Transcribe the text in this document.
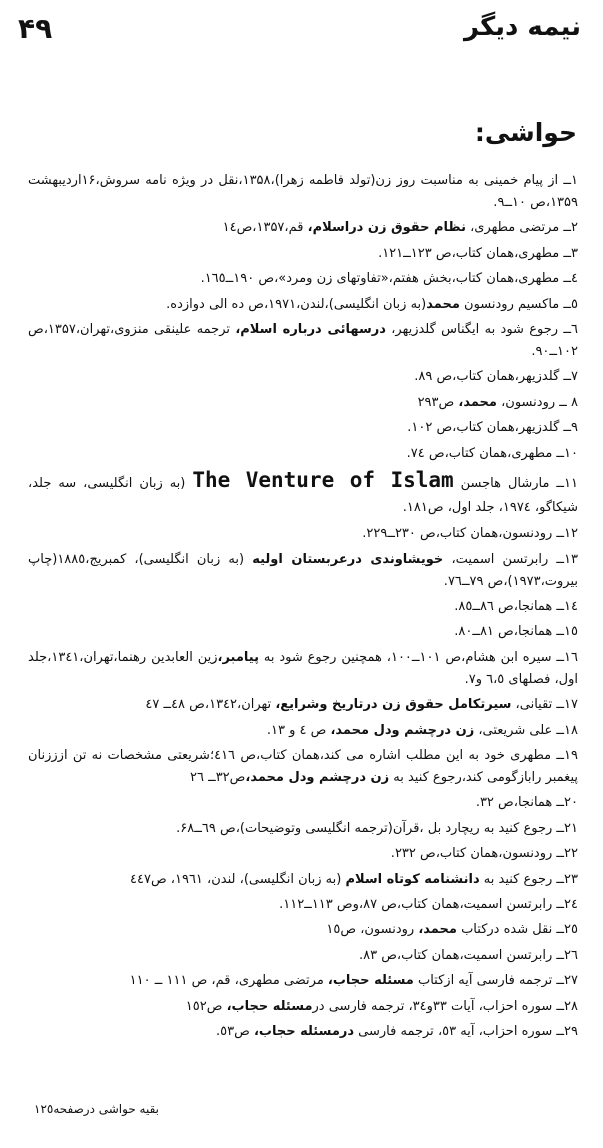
۴۹	نیمه دیگر
حواشی:

۱ــ از پیام خمینی به مناسبت روز زن(تولد فاطمه زهرا)،۱۳۵۸،نقل در ویژه نامه سروش،۱۶اردیبهشت ۱۳۵۹،ص ۱۰ــ۹.

۲ــ مرتضی مطهری، نظام حقوق زن دراسلام، قم،۱۳۵۷،ص۱٤

۳ــ مطهری،همان کتاب،ص ۱۲۳ــ۱۲۱.

٤ــ مطهری،همان کتاب،بخش هفتم،«تفاوتهای زن ومرد»،ص ۱۹۰ــ۱٦٥.

٥ــ ماکسیم رودنسون محمد(به زبان انگلیسی)،لندن،۱۹۷۱،ص ده الی دوازده.

٦ــ رجوع شود به ایگناس گلدزیهر، درسهائی درباره اسلام، ترجمه علینقی منزوی،تهران،۱۳۵۷،ص ۱۰۲ــ۹۰.

۷ــ گلدزیهر،همان کتاب،ص ۸۹.

۸ ــ رودنسون، محمد، ص۲۹۳

۹ــ گلدزیهر،همان کتاب،ص ۱۰۲.

۱۰ــ مطهری،همان کتاب،ص ۷٤.

۱۱ــ مارشال هاجسن The Venture of Islam (به زبان انگلیسی، سه جلد، شیکاگو، ۱۹۷٤، جلد اول، ص۱۸۱.

۱۲ــ رودنسون،همان کتاب،ص ۲۳۰ــ۲۲۹.

۱۳ــ رابرتسن اسمیت، خویشاوندی درعربستان اولیه (به زبان انگلیسی)، کمبریج،۱۸۸٥(چاپ بیروت،۱۹۷۳)،ص ۷۹ــ۷٦.

۱٤ــ همانجا،ص ۸٦ــ۸٥.

۱٥ــ همانجا،ص ۸۱ــ۸۰.

۱٦ــ سیره ابن هشام،ص ۱۰۱ــ۱۰۰، همچنین رجوع شود به پیامبر،زین العابدین رهنما،تهران،۱۳٤۱،جلد اول، فصلهای ٦،٥ و۷.

۱۷ــ تقیانی، سیرتکامل حقوق زن درتاریخ وشرایع، تهران،۱۳٤۲،ص ٤۸ــ ٤۷

۱۸ــ علی شریعتی، زن درچشم ودل محمد، ص ٤ و ۱۳.

۱۹ــ مطهری خود به این مطلب اشاره می کند،همان کتاب،ص ٤۱٦؛شریعتی مشخصات نه تن ازززنان پیغمبر رابازگومی کند،رجوع کنید به زن درچشم ودل محمد،ص۳۲ــ ۲٦

۲۰ــ همانجا،ص ۳۲.

۲۱ــ رجوع کنید به ریچارد بل ،قرآن(ترجمه انگلیسی وتوضیحات)،ص ٦۹ــ۶۸.

۲۲ــ رودنسون،همان کتاب،ص ۲۳۲.

۲۳ــ رجوع کنید به دانشنامه کوتاه اسلام (به زبان انگلیسی)، لندن، ۱۹٦۱، ص٤٤۷

۲٤ــ رابرتسن اسمیت،همان کتاب،ص ۸۷،وص ۱۱۳ــ۱۱۲.

۲٥ــ نقل شده درکتاب محمد، رودنسون، ص۱٥

۲٦ــ رابرتسن اسمیت،همان کتاب،ص ۸۳.

۲۷ــ ترجمه فارسی آیه ازکتاب مسئله حجاب، مرتضی مطهری، قم، ص ۱۱۱ ــ ۱۱۰

۲۸ــ سوره احزاب، آیات ۳۳و۳٤، ترجمه فارسی درمسئله حجاب، ص۱٥۲

۲۹ــ سوره احزاب، آیه ٥۳، ترجمه فارسی درمسئله حجاب، ص٥۳.

بقیه حواشی درصفحه۱۲٥
